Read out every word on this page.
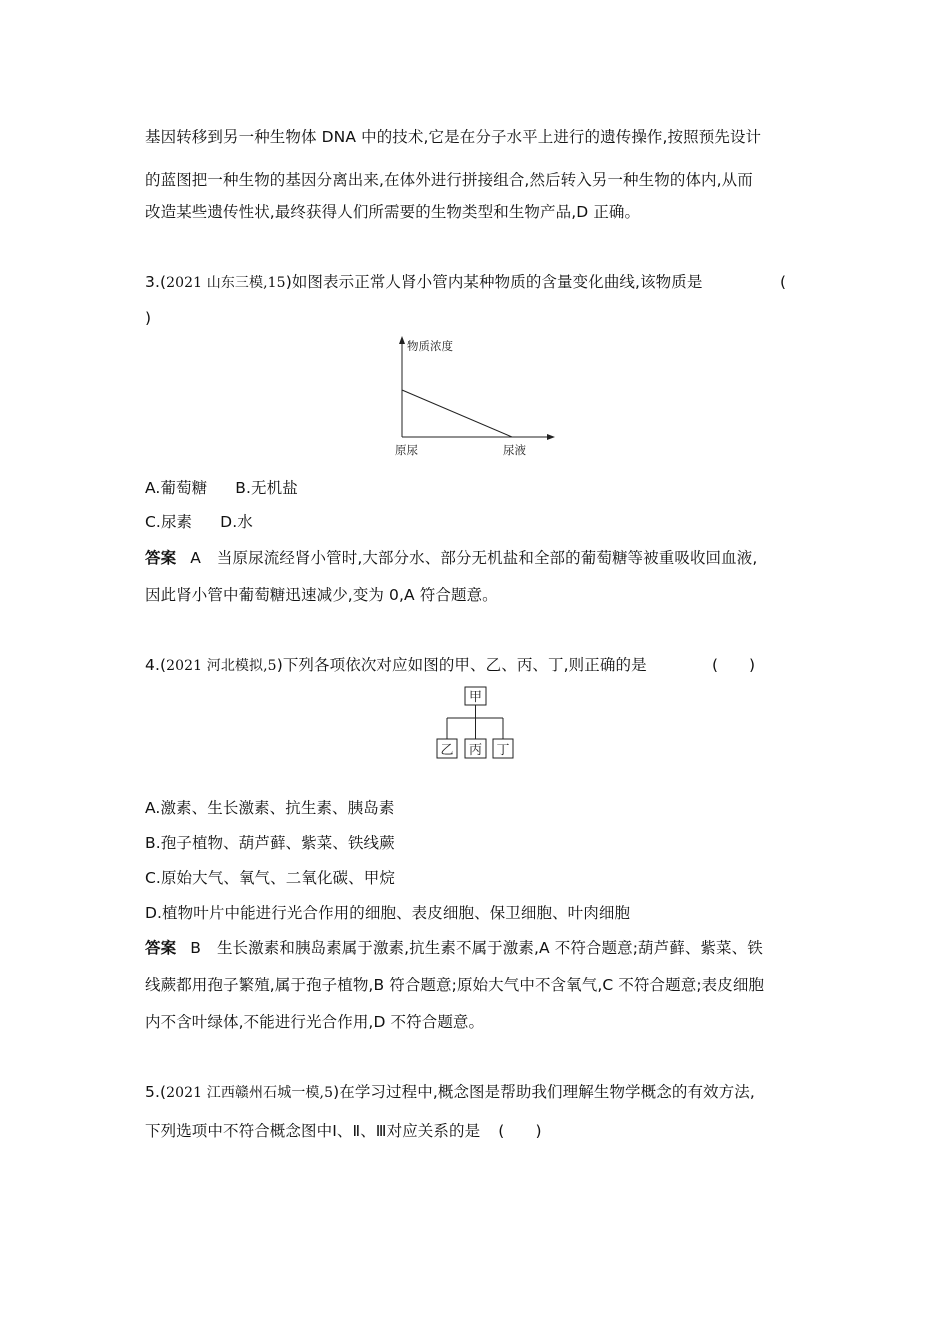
基因转移到另一种生物体 DNA 中的技术,它是在分子水平上进行的遗传操作,按照预先设计
的蓝图把一种生物的基因分离出来,在体外进行拼接组合,然后转入另一种生物的体内,从而
改造某些遗传性状,最终获得人们所需要的生物类型和生物产品,D 正确。
3.(2021 山东三模,15)如图表示正常人肾小管内某种物质的含量变化曲线,该物质是	(
)
物质浓度
原尿	尿液
A.葡萄糖 B.无机盐
C.尿素 D.水
答案 A 当原尿流经肾小管时,大部分水、部分无机盐和全部的葡萄糖等被重吸收回血液,
因此肾小管中葡萄糖迅速减少,变为 0,A 符合题意。
4.(2021 河北模拟,5)下列各项依次对应如图的甲、乙、丙、丁,则正确的是	(　　)
甲
乙 丙 丁
A.激素、生长激素、抗生素、胰岛素
B.孢子植物、葫芦藓、紫菜、铁线蕨
C.原始大气、氧气、二氧化碳、甲烷
D.植物叶片中能进行光合作用的细胞、表皮细胞、保卫细胞、叶肉细胞
答案 B 生长激素和胰岛素属于激素,抗生素不属于激素,A 不符合题意;葫芦藓、紫菜、铁
线蕨都用孢子繁殖,属于孢子植物,B 符合题意;原始大气中不含氧气,C 不符合题意;表皮细胞
内不含叶绿体,不能进行光合作用,D 不符合题意。
5.(2021 江西赣州石城一模,5)在学习过程中,概念图是帮助我们理解生物学概念的有效方法,
下列选项中不符合概念图中Ⅰ、Ⅱ、Ⅲ对应关系的是 (　　)
